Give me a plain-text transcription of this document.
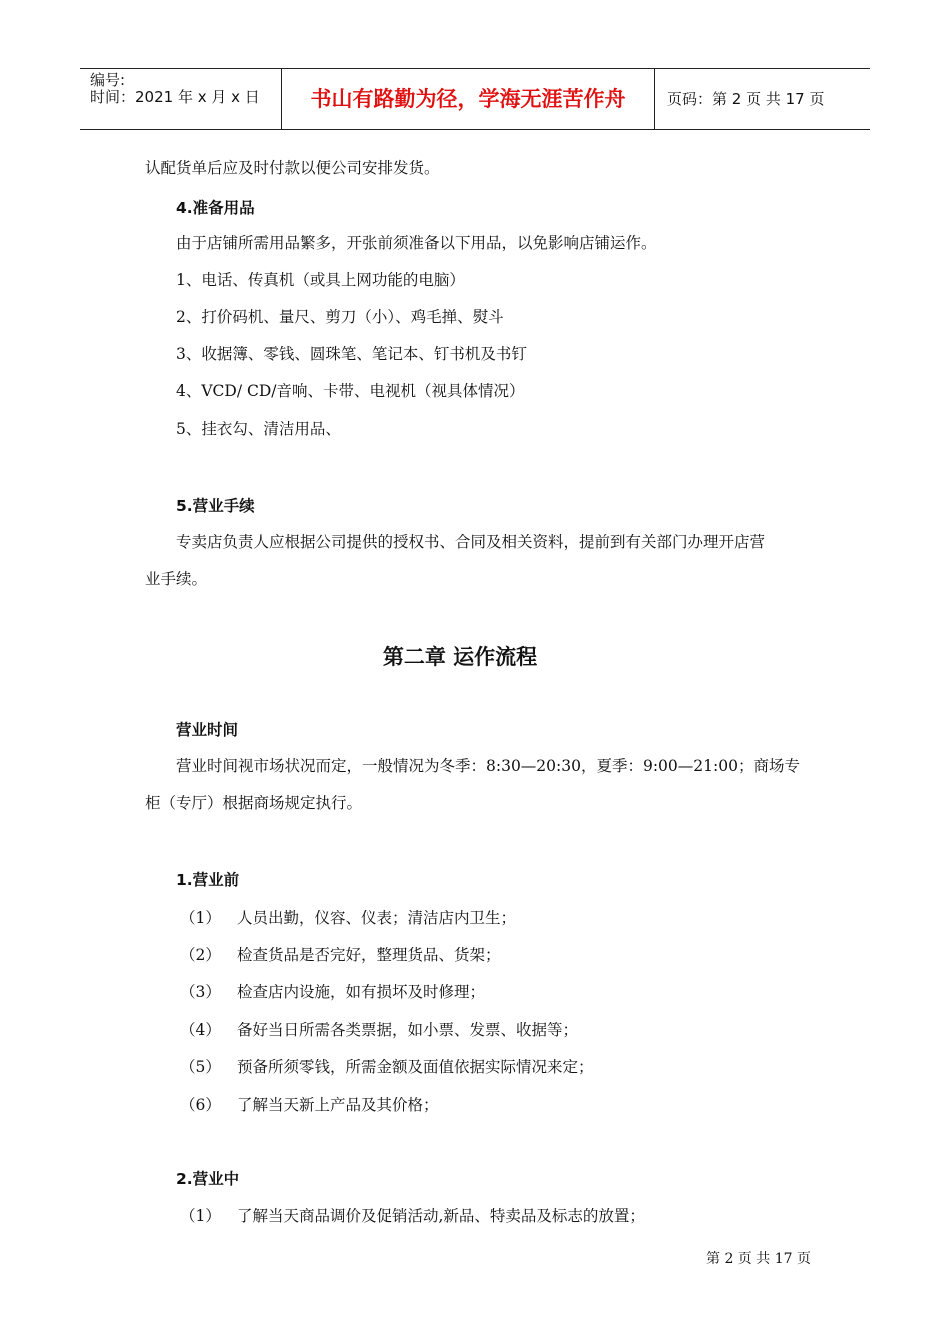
编号:
时间：2021 年 x 月 x 日	书山有路勤为径，学海无涯苦作舟	页码：第 2 页 共 17 页
认配货单后应及时付款以便公司安排发货。
4.准备用品
由于店铺所需用品繁多，开张前须准备以下用品，以免影响店铺运作。
1、电话、传真机（或具上网功能的电脑）
2、打价码机、量尺、剪刀（小）、鸡毛掸、熨斗
3、收据簿、零钱、圆珠笔、笔记本、钉书机及书钉
4、VCD/ CD/音响、卡带、电视机（视具体情况）
5、挂衣勾、清洁用品、
5.营业手续
专卖店负责人应根据公司提供的授权书、合同及相关资料，提前到有关部门办理开店营
业手续。
第二章 运作流程
营业时间
营业时间视市场状况而定，一般情况为冬季：8:30—20:30，夏季：9:00—21:00；商场专
柜（专厅）根据商场规定执行。
1.营业前
（1） 人员出勤，仪容、仪表；清洁店内卫生；
（2） 检查货品是否完好，整理货品、货架；
（3） 检查店内设施，如有损坏及时修理；
（4） 备好当日所需各类票据，如小票、发票、收据等；
（5） 预备所须零钱，所需金额及面值依据实际情况来定；
（6） 了解当天新上产品及其价格；
2.营业中
（1） 了解当天商品调价及促销活动,新品、特卖品及标志的放置；
第 2 页 共 17 页
